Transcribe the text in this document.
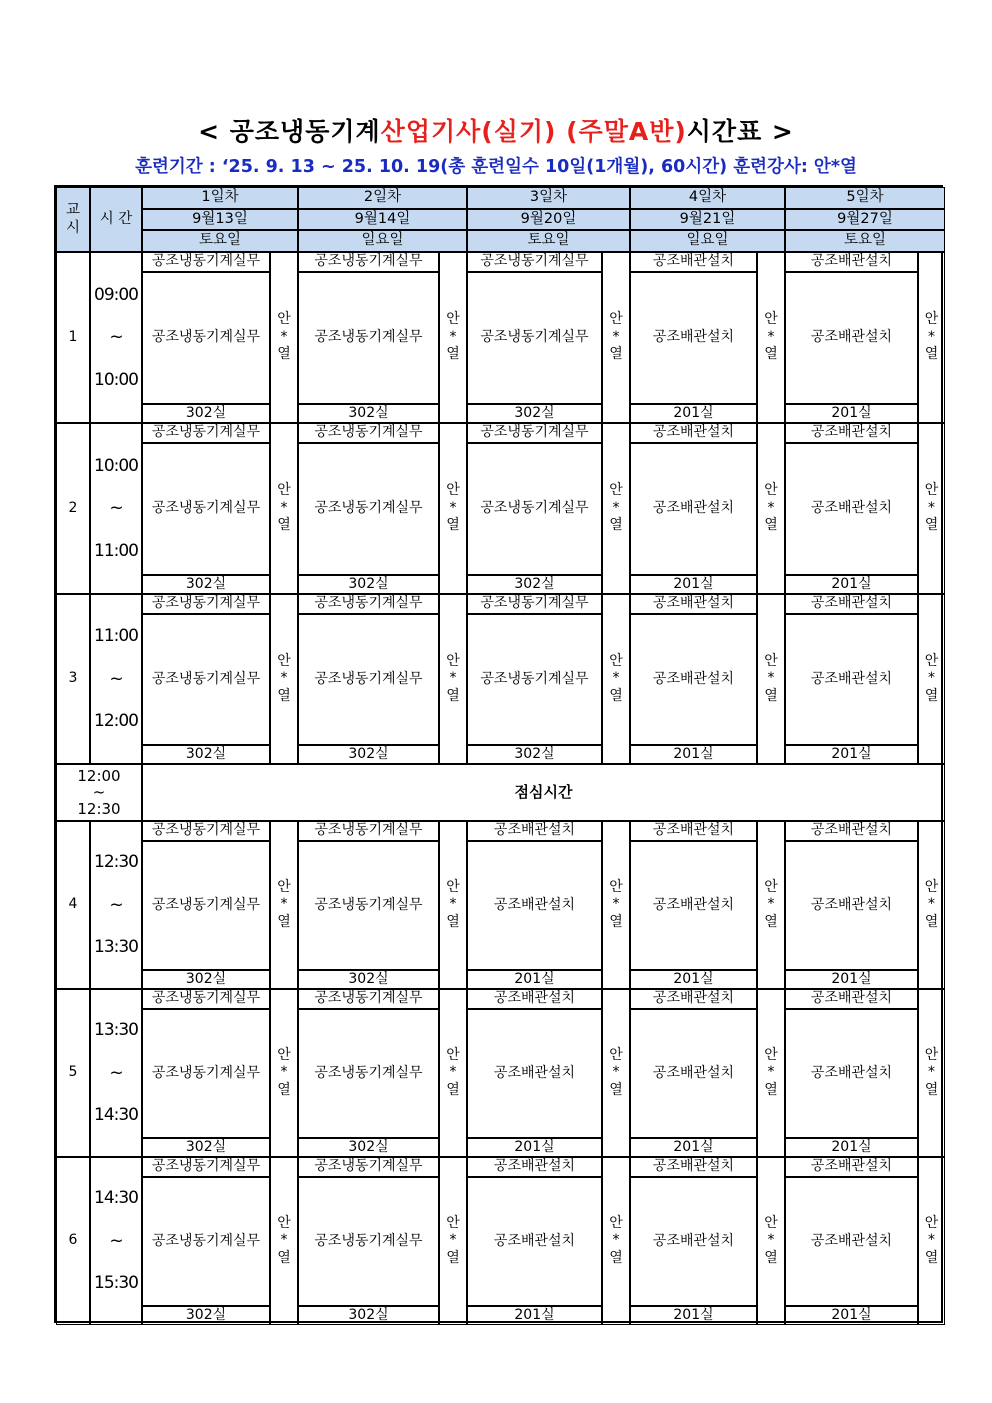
< 공조냉동기계산업기사(실기) (주말A반)시간표 >
훈련기간 : ‘25. 9. 13 ~ 25. 10. 19(총 훈련일수 10일(1개월), 60시간) 훈련강사: 안*열
교시
시 간
1일차
9월13일
토요일
2일차
9월14일
일요일
3일차
9월20일
토요일
4일차
9월21일
일요일
5일차
9월27일
토요일
1
09:00
~
10:00
공조냉동기계실무
공조냉동기계실무
302실
안
*
열
공조냉동기계실무
공조냉동기계실무
302실
안
*
열
공조냉동기계실무
공조냉동기계실무
302실
안
*
열
공조배관설치
공조배관설치
201실
안
*
열
공조배관설치
공조배관설치
201실
안
*
열
2
10:00
~
11:00
공조냉동기계실무
공조냉동기계실무
302실
안
*
열
공조냉동기계실무
공조냉동기계실무
302실
안
*
열
공조냉동기계실무
공조냉동기계실무
302실
안
*
열
공조배관설치
공조배관설치
201실
안
*
열
공조배관설치
공조배관설치
201실
안
*
열
3
11:00
~
12:00
공조냉동기계실무
공조냉동기계실무
302실
안
*
열
공조냉동기계실무
공조냉동기계실무
302실
안
*
열
공조냉동기계실무
공조냉동기계실무
302실
안
*
열
공조배관설치
공조배관설치
201실
안
*
열
공조배관설치
공조배관설치
201실
안
*
열
12:00
~
12:30
점심시간
4
12:30
~
13:30
공조냉동기계실무
공조냉동기계실무
302실
안
*
열
공조냉동기계실무
공조냉동기계실무
302실
안
*
열
공조배관설치
공조배관설치
201실
안
*
열
공조배관설치
공조배관설치
201실
안
*
열
공조배관설치
공조배관설치
201실
안
*
열
5
13:30
~
14:30
공조냉동기계실무
공조냉동기계실무
302실
안
*
열
공조냉동기계실무
공조냉동기계실무
302실
안
*
열
공조배관설치
공조배관설치
201실
안
*
열
공조배관설치
공조배관설치
201실
안
*
열
공조배관설치
공조배관설치
201실
안
*
열
6
14:30
~
15:30
공조냉동기계실무
공조냉동기계실무
302실
안
*
열
공조냉동기계실무
공조냉동기계실무
302실
안
*
열
공조배관설치
공조배관설치
201실
안
*
열
공조배관설치
공조배관설치
201실
안
*
열
공조배관설치
공조배관설치
201실
안
*
열
